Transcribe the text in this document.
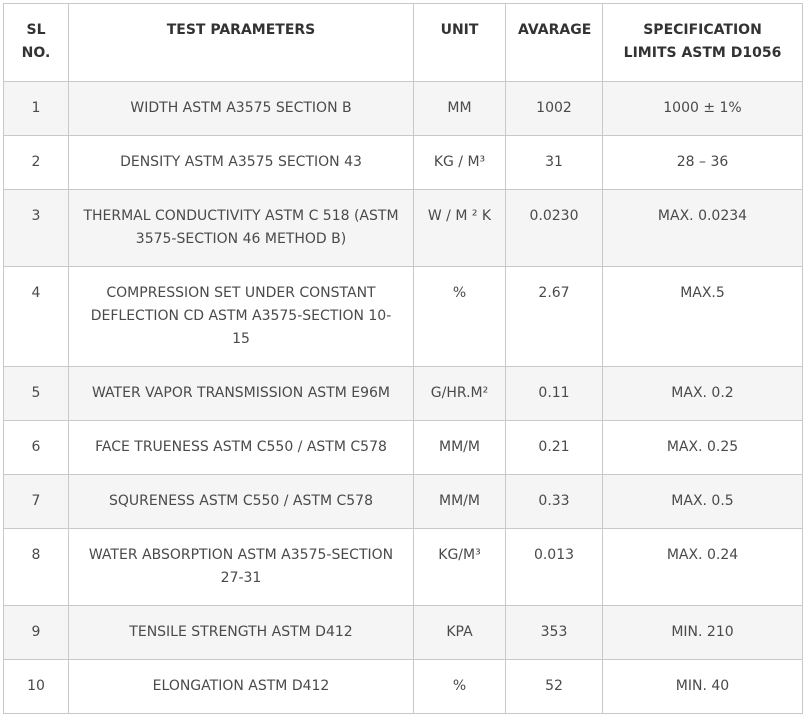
SL NO.	TEST PARAMETERS	UNIT	AVARAGE	SPECIFICATION LIMITS ASTM D1056
1	WIDTH ASTM A3575 SECTION B	MM	1002	1000 ± 1%
2	DENSITY ASTM A3575 SECTION 43	KG / M³	31	28 – 36
3	THERMAL CONDUCTIVITY ASTM C 518 (ASTM 3575-SECTION 46 METHOD B)	W / M ² K	0.0230	MAX. 0.0234
4	COMPRESSION SET UNDER CONSTANT DEFLECTION CD ASTM A3575-SECTION 10-15	%	2.67	MAX.5
5	WATER VAPOR TRANSMISSION ASTM E96M	G/HR.M²	0.11	MAX. 0.2
6	FACE TRUENESS ASTM C550 / ASTM C578	MM/M	0.21	MAX. 0.25
7	SQURENESS ASTM C550 / ASTM C578	MM/M	0.33	MAX. 0.5
8	WATER ABSORPTION ASTM A3575-SECTION 27-31	KG/M³	0.013	MAX. 0.24
9	TENSILE STRENGTH ASTM D412	KPA	353	MIN. 210
10	ELONGATION ASTM D412	%	52	MIN. 40
